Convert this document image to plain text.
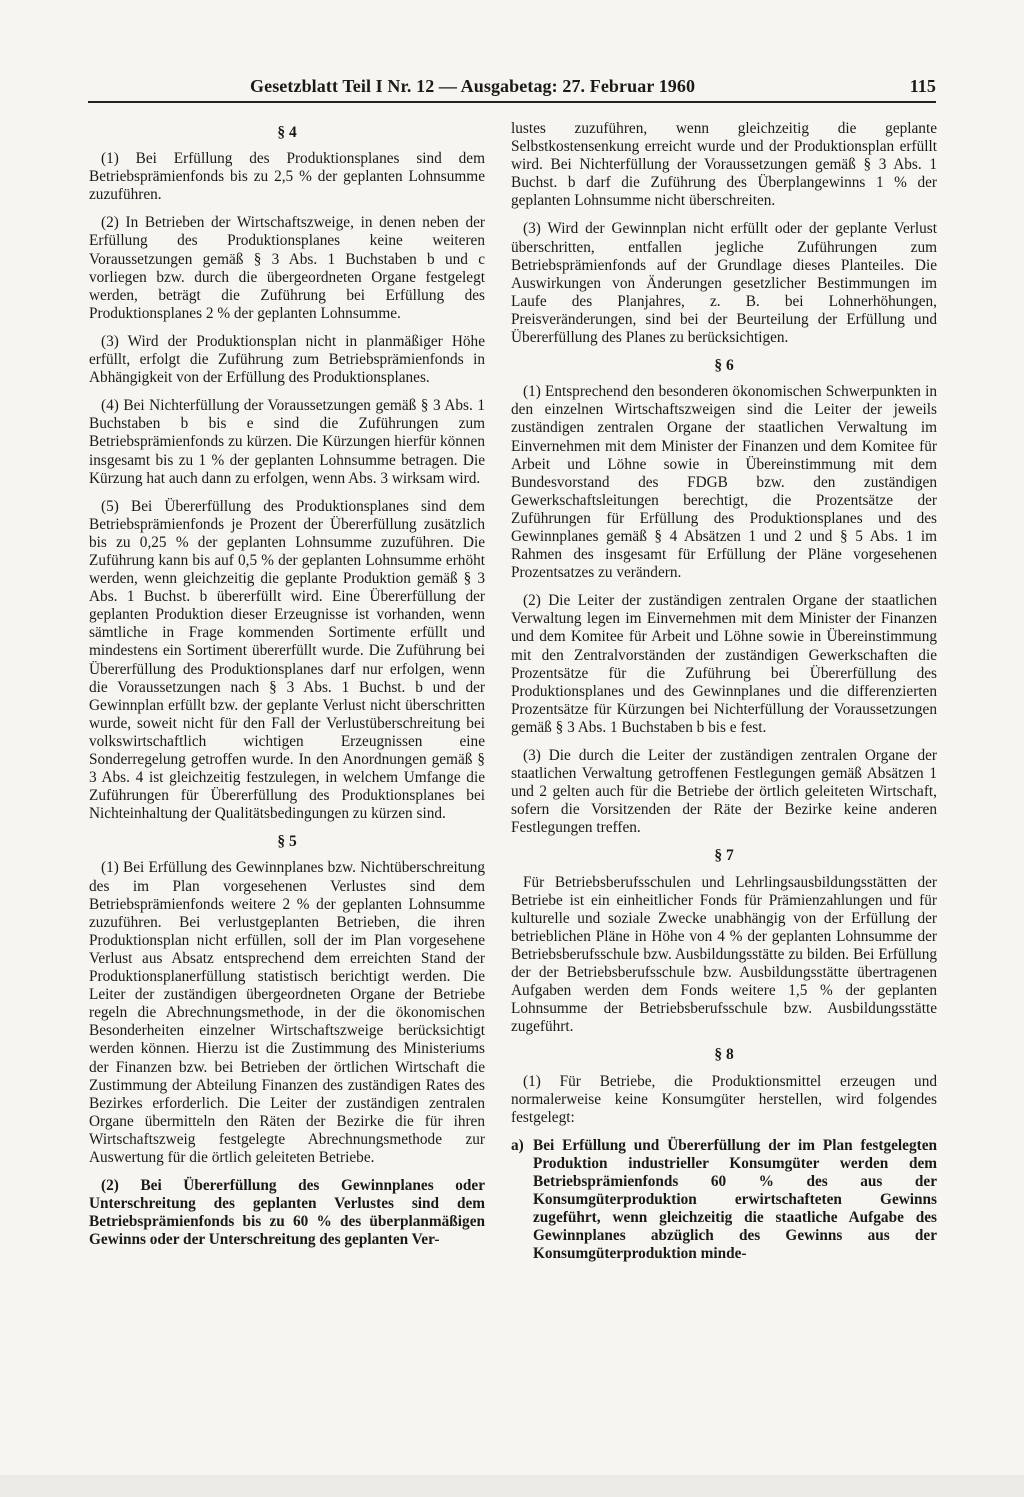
Gesetzblatt Teil I Nr. 12 — Ausgabetag: 27. Februar 1960	115
§ 4

(1) Bei Erfüllung des Produktionsplanes sind dem Betriebsprämienfonds bis zu 2,5 % der geplanten Lohnsumme zuzuführen.

(2) In Betrieben der Wirtschaftszweige, in denen neben der Erfüllung des Produktionsplanes keine weiteren Voraussetzungen gemäß § 3 Abs. 1 Buchstaben b und c vorliegen bzw. durch die übergeordneten Organe festgelegt werden, beträgt die Zuführung bei Erfüllung des Produktionsplanes 2 % der geplanten Lohnsumme.

(3) Wird der Produktionsplan nicht in planmäßiger Höhe erfüllt, erfolgt die Zuführung zum Betriebsprämienfonds in Abhängigkeit von der Erfüllung des Produktionsplanes.

(4) Bei Nichterfüllung der Voraussetzungen gemäß § 3 Abs. 1 Buchstaben b bis e sind die Zuführungen zum Betriebsprämienfonds zu kürzen. Die Kürzungen hierfür können insgesamt bis zu 1 % der geplanten Lohnsumme betragen. Die Kürzung hat auch dann zu erfolgen, wenn Abs. 3 wirksam wird.

(5) Bei Übererfüllung des Produktionsplanes sind dem Betriebsprämienfonds je Prozent der Übererfüllung zusätzlich bis zu 0,25 % der geplanten Lohnsumme zuzuführen. Die Zuführung kann bis auf 0,5 % der geplanten Lohnsumme erhöht werden, wenn gleichzeitig die geplante Produktion gemäß § 3 Abs. 1 Buchst. b übererfüllt wird. Eine Übererfüllung der geplanten Produktion dieser Erzeugnisse ist vorhanden, wenn sämtliche in Frage kommenden Sortimente erfüllt und mindestens ein Sortiment übererfüllt wurde. Die Zuführung bei Übererfüllung des Produktionsplanes darf nur erfolgen, wenn die Voraussetzungen nach § 3 Abs. 1 Buchst. b und der Gewinnplan erfüllt bzw. der geplante Verlust nicht überschritten wurde, soweit nicht für den Fall der Verlustüberschreitung bei volkswirtschaftlich wichtigen Erzeugnissen eine Sonderregelung getroffen wurde. In den Anordnungen gemäß § 3 Abs. 4 ist gleichzeitig festzulegen, in welchem Umfange die Zuführungen für Übererfüllung des Produktionsplanes bei Nichteinhaltung der Qualitätsbedingungen zu kürzen sind.

§ 5

(1) Bei Erfüllung des Gewinnplanes bzw. Nichtüberschreitung des im Plan vorgesehenen Verlustes sind dem Betriebsprämienfonds weitere 2 % der geplanten Lohnsumme zuzuführen. Bei verlustgeplanten Betrieben, die ihren Produktionsplan nicht erfüllen, soll der im Plan vorgesehene Verlust aus Absatz entsprechend dem erreichten Stand der Produktionsplanerfüllung statistisch berichtigt werden. Die Leiter der zuständigen übergeordneten Organe der Betriebe regeln die Abrechnungsmethode, in der die ökonomischen Besonderheiten einzelner Wirtschaftszweige berücksichtigt werden können. Hierzu ist die Zustimmung des Ministeriums der Finanzen bzw. bei Betrieben der örtlichen Wirtschaft die Zustimmung der Abteilung Finanzen des zuständigen Rates des Bezirkes erforderlich. Die Leiter der zuständigen zentralen Organe übermitteln den Räten der Bezirke die für ihren Wirtschaftszweig festgelegte Abrechnungsmethode zur Auswertung für die örtlich geleiteten Betriebe.

(2) Bei Übererfüllung des Gewinnplanes oder Unterschreitung des geplanten Verlustes sind dem Betriebsprämienfonds bis zu 60 % des überplanmäßigen Gewinns oder der Unterschreitung des geplanten Ver-

lustes zuzuführen, wenn gleichzeitig die geplante Selbstkostensenkung erreicht wurde und der Produktionsplan erfüllt wird. Bei Nichterfüllung der Voraussetzungen gemäß § 3 Abs. 1 Buchst. b darf die Zuführung des Überplangewinns 1 % der geplanten Lohnsumme nicht überschreiten.

(3) Wird der Gewinnplan nicht erfüllt oder der geplante Verlust überschritten, entfallen jegliche Zuführungen zum Betriebsprämienfonds auf der Grundlage dieses Planteiles. Die Auswirkungen von Änderungen gesetzlicher Bestimmungen im Laufe des Planjahres, z. B. bei Lohnerhöhungen, Preisveränderungen, sind bei der Beurteilung der Erfüllung und Übererfüllung des Planes zu berücksichtigen.

§ 6

(1) Entsprechend den besonderen ökonomischen Schwerpunkten in den einzelnen Wirtschaftszweigen sind die Leiter der jeweils zuständigen zentralen Organe der staatlichen Verwaltung im Einvernehmen mit dem Minister der Finanzen und dem Komitee für Arbeit und Löhne sowie in Übereinstimmung mit dem Bundesvorstand des FDGB bzw. den zuständigen Gewerkschaftsleitungen berechtigt, die Prozentsätze der Zuführungen für Erfüllung des Produktionsplanes und des Gewinnplanes gemäß § 4 Absätzen 1 und 2 und § 5 Abs. 1 im Rahmen des insgesamt für Erfüllung der Pläne vorgesehenen Prozentsatzes zu verändern.

(2) Die Leiter der zuständigen zentralen Organe der staatlichen Verwaltung legen im Einvernehmen mit dem Minister der Finanzen und dem Komitee für Arbeit und Löhne sowie in Übereinstimmung mit den Zentralvorständen der zuständigen Gewerkschaften die Prozentsätze für die Zuführung bei Übererfüllung des Produktionsplanes und des Gewinnplanes und die differenzierten Prozentsätze für Kürzungen bei Nichterfüllung der Voraussetzungen gemäß § 3 Abs. 1 Buchstaben b bis e fest.

(3) Die durch die Leiter der zuständigen zentralen Organe der staatlichen Verwaltung getroffenen Festlegungen gemäß Absätzen 1 und 2 gelten auch für die Betriebe der örtlich geleiteten Wirtschaft, sofern die Vorsitzenden der Räte der Bezirke keine anderen Festlegungen treffen.

§ 7

Für Betriebsberufsschulen und Lehrlingsausbildungsstätten der Betriebe ist ein einheitlicher Fonds für Prämienzahlungen und für kulturelle und soziale Zwecke unabhängig von der Erfüllung der betrieblichen Pläne in Höhe von 4 % der geplanten Lohnsumme der Betriebsberufsschule bzw. Ausbildungsstätte zu bilden. Bei Erfüllung der der Betriebsberufsschule bzw. Ausbildungsstätte übertragenen Aufgaben werden dem Fonds weitere 1,5 % der geplanten Lohnsumme der Betriebsberufsschule bzw. Ausbildungsstätte zugeführt.

§ 8

(1) Für Betriebe, die Produktionsmittel erzeugen und normalerweise keine Konsumgüter herstellen, wird folgendes festgelegt:

a) Bei Erfüllung und Übererfüllung der im Plan festgelegten Produktion industrieller Konsumgüter werden dem Betriebsprämienfonds 60 % des aus der Konsumgüterproduktion erwirtschafteten Gewinns zugeführt, wenn gleichzeitig die staatliche Aufgabe des Gewinnplanes abzüglich des Gewinns aus der Konsumgüterproduktion minde-
